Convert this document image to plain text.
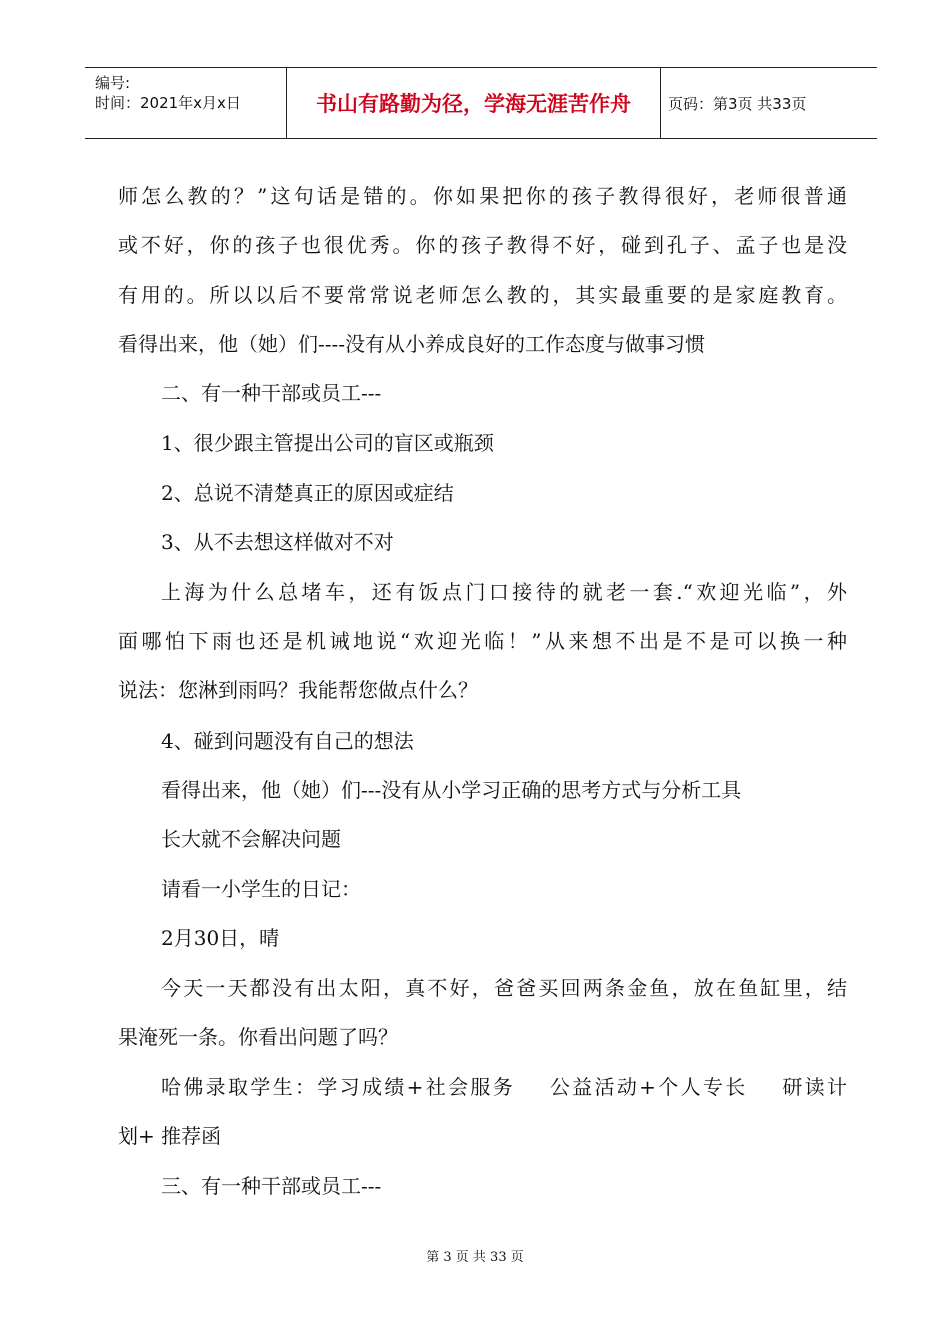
编号:
时间：2021年x月x日	书山有路勤为径，学海无涯苦作舟 页码：第3页 共33页
师怎么教的？”这句话是错的。你如果把你的孩子教得很好，老师很普通
或不好，你的孩子也很优秀。你的孩子教得不好，碰到孔子、孟子也是没
有用的。所以以后不要常常说老师怎么教的，其实最重要的是家庭教育。
看得出来，他（她）们----没有从小养成良好的工作态度与做事习惯
二、有一种干部或员工---
1、很少跟主管提出公司的盲区或瓶颈
2、总说不清楚真正的原因或症结
3、从不去想这样做对不对
上海为什么总堵车，还有饭点门口接待的就老一套.“欢迎光临”，外
面哪怕下雨也还是机诫地说“欢迎光临！”从来想不出是不是可以换一种
说法：您淋到雨吗？我能帮您做点什么？
4、碰到问题没有自己的想法
看得出来，他（她）们---没有从小学习正确的思考方式与分析工具
长大就不会解决问题
请看一小学生的日记：
2月30日，晴
今天一天都没有出太阳，真不好，爸爸买回两条金鱼，放在鱼缸里，结
果淹死一条。你看出问题了吗？
哈佛录取学生：学习成绩+社会服务    公益活动+个人专长    研读计
划+ 推荐函
三、有一种干部或员工---
第 3 页 共 33 页
